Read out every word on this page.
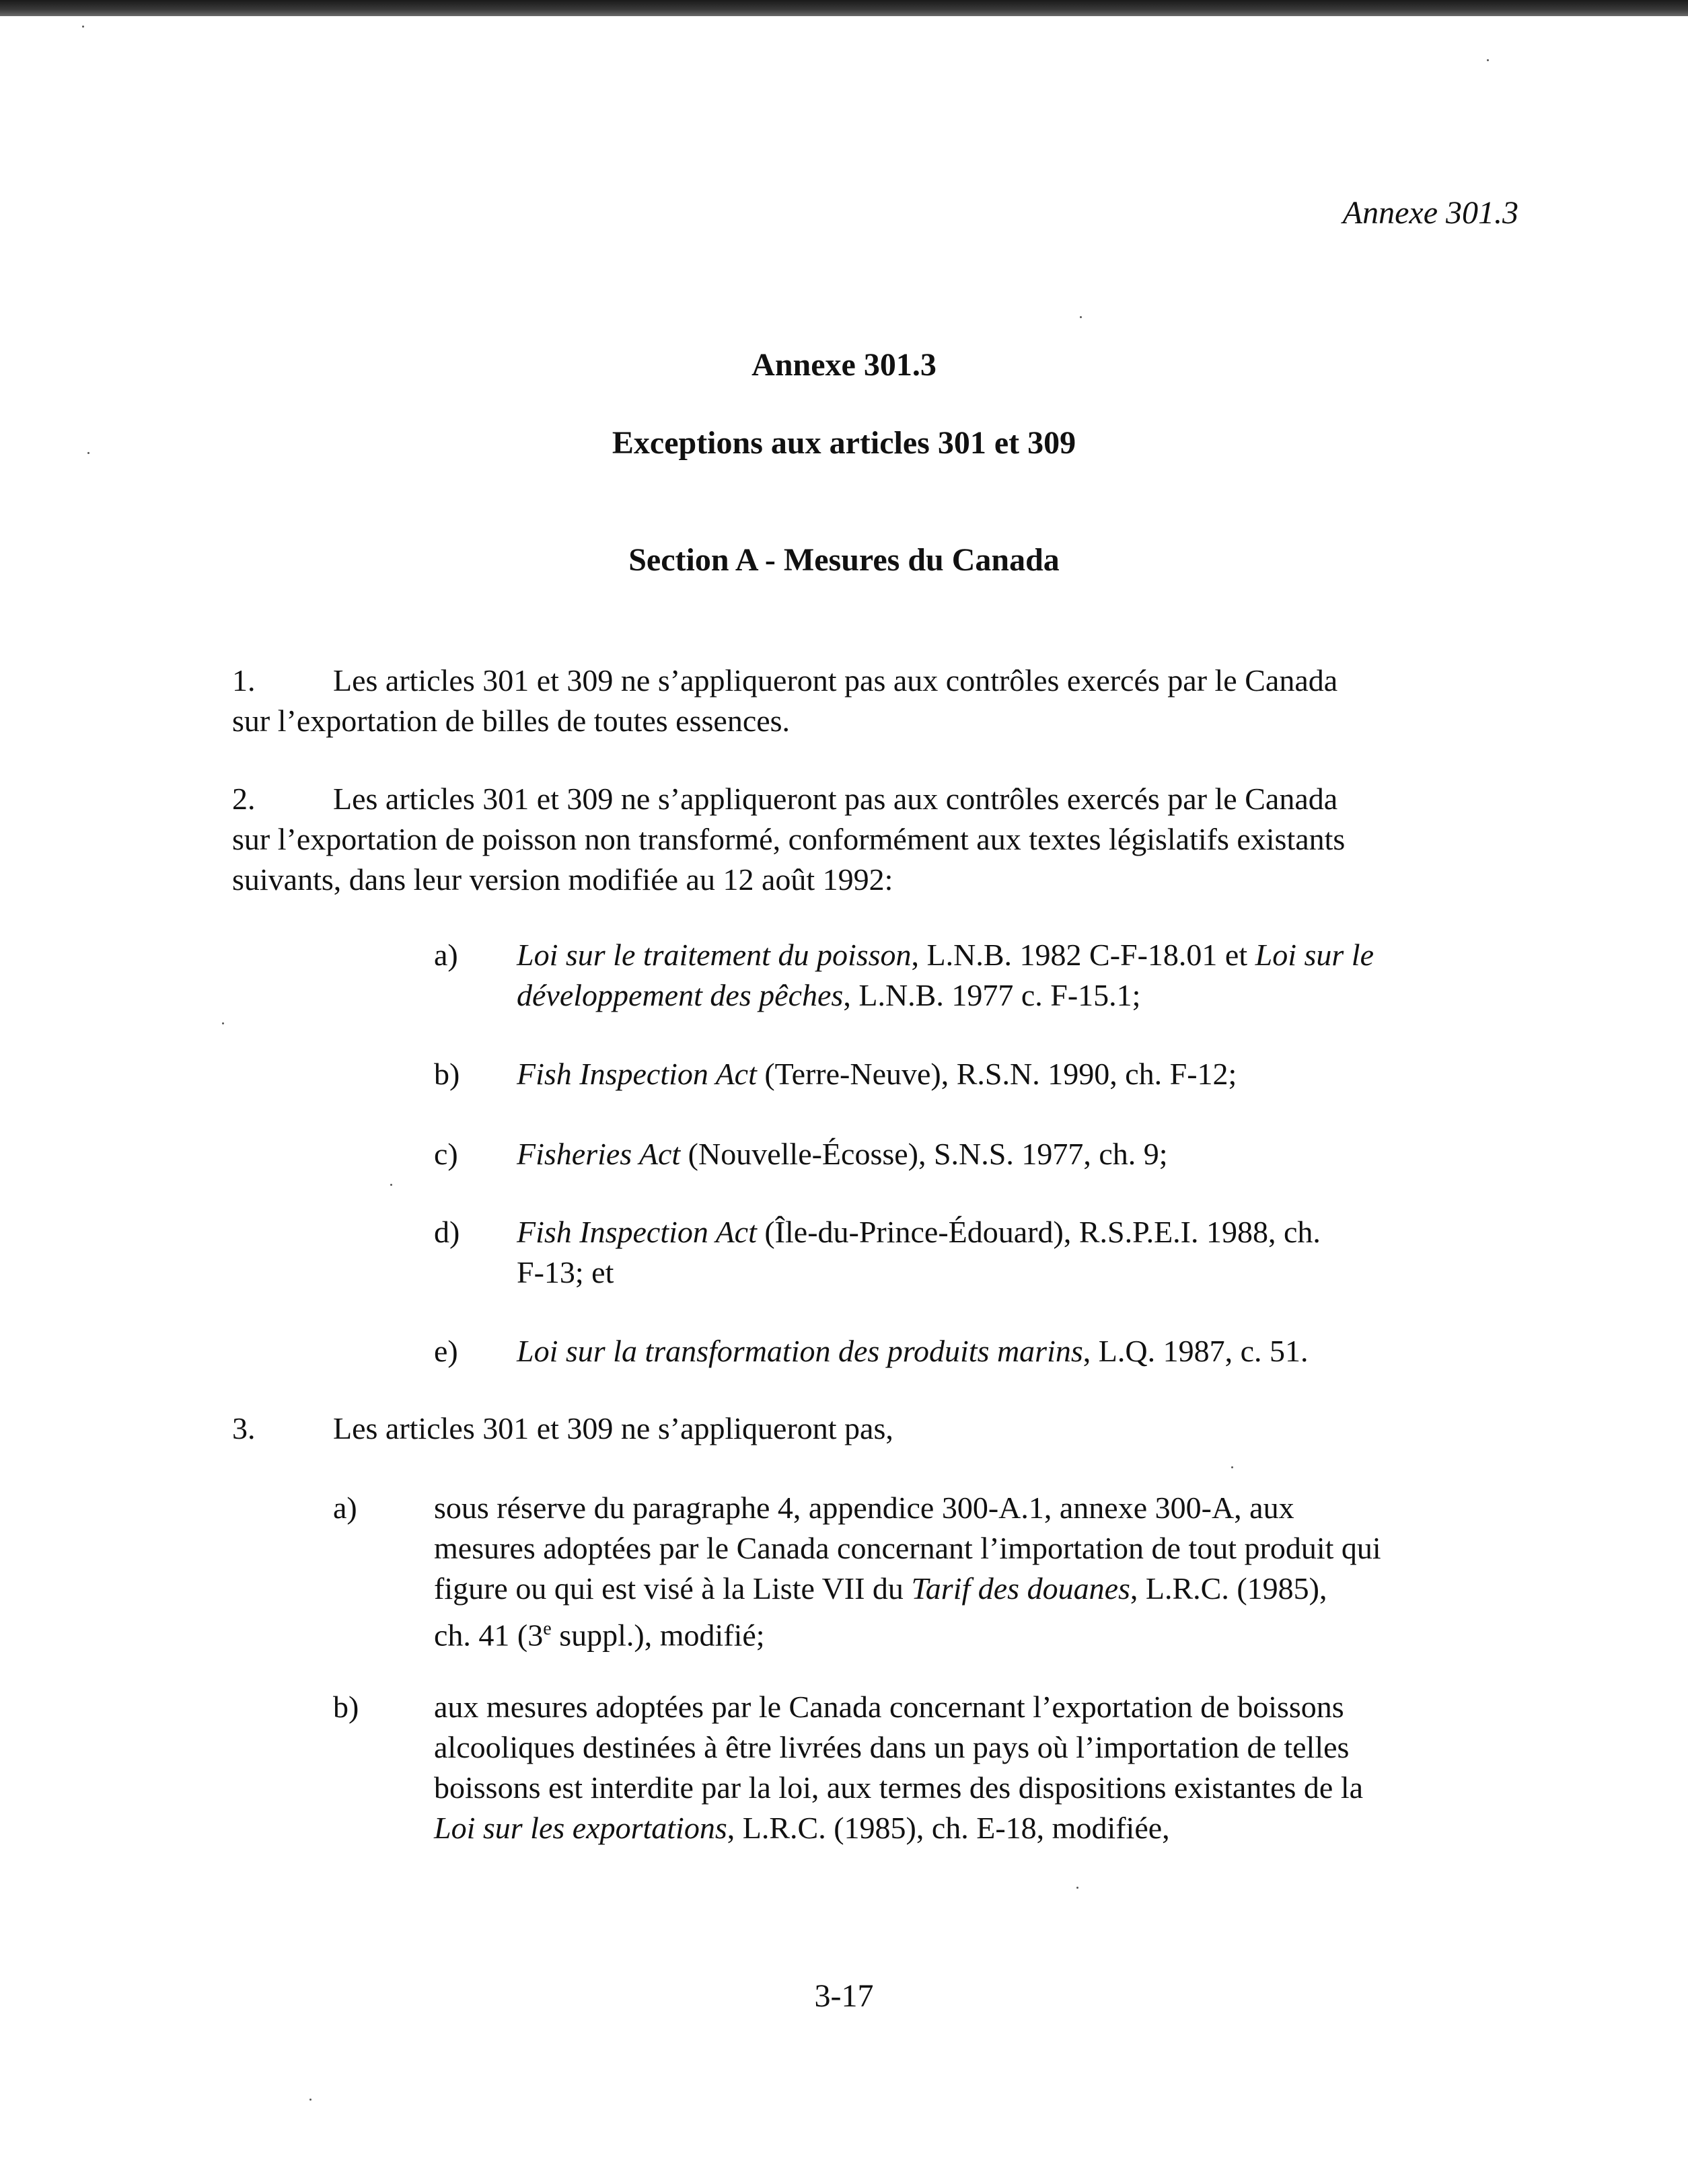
Annexe 301.3
Annexe 301.3
Exceptions aux articles 301 et 309
Section A - Mesures du Canada
1.	Les articles 301 et 309 ne s’appliqueront pas aux contrôles exercés par le Canada
sur l’exportation de billes de toutes essences.
2.	Les articles 301 et 309 ne s’appliqueront pas aux contrôles exercés par le Canada
sur l’exportation de poisson non transformé, conformément aux textes législatifs existants
suivants, dans leur version modifiée au 12 août 1992:
a) Loi sur le traitement du poisson, L.N.B. 1982 C-F-18.01 et Loi sur le
développement des pêches, L.N.B. 1977 c. F-15.1;
b) Fish Inspection Act (Terre-Neuve), R.S.N. 1990, ch. F-12;
c) Fisheries Act (Nouvelle-Écosse), S.N.S. 1977, ch. 9;
d) Fish Inspection Act (Île-du-Prince-Édouard), R.S.P.E.I. 1988, ch.
F-13; et
e) Loi sur la transformation des produits marins, L.Q. 1987, c. 51.
3.	Les articles 301 et 309 ne s’appliqueront pas,
a) sous réserve du paragraphe 4, appendice 300-A.1, annexe 300-A, aux
mesures adoptées par le Canada concernant l’importation de tout produit qui
figure ou qui est visé à la Liste VII du Tarif des douanes, L.R.C. (1985),
ch. 41 (3e suppl.), modifié;
b) aux mesures adoptées par le Canada concernant l’exportation de boissons
alcooliques destinées à être livrées dans un pays où l’importation de telles
boissons est interdite par la loi, aux termes des dispositions existantes de la
Loi sur les exportations, L.R.C. (1985), ch. E-18, modifiée,
3-17
